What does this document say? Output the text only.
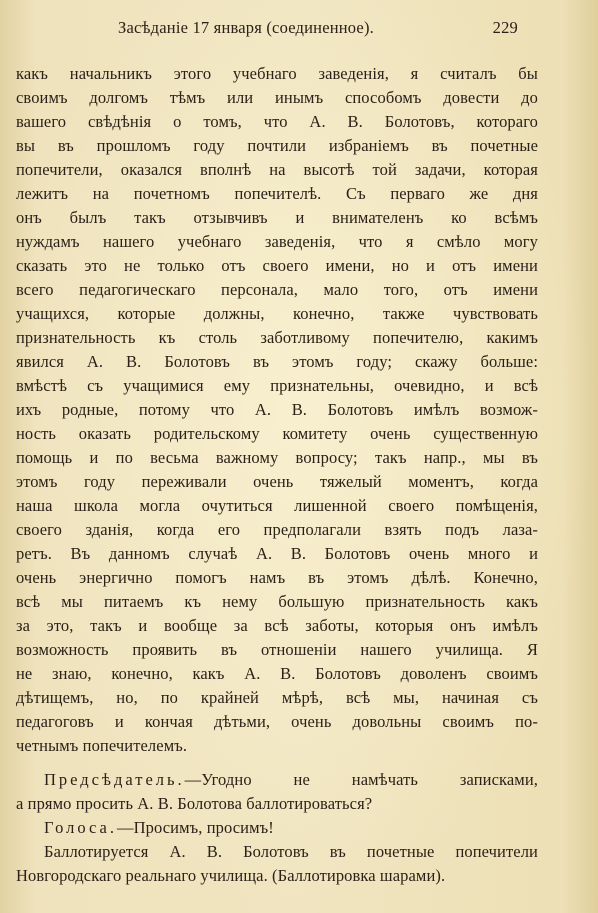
Засѣданіе 17 января (соединенное).	229
какъ начальникъ этого учебнаго заведенія, я считалъ бы
своимъ долгомъ тѣмъ или инымъ способомъ довести до
вашего свѣдѣнія о томъ, что А. В. Болотовъ, котораго
вы въ прошломъ году почтили избраніемъ въ почетные
попечители, оказался вполнѣ на высотѣ той задачи, которая
лежитъ на почетномъ попечителѣ. Съ перваго же дня
онъ былъ такъ отзывчивъ и внимателенъ ко всѣмъ
нуждамъ нашего учебнаго заведенія, что я смѣло могу
сказать это не только отъ своего имени, но и отъ имени
всего педагогическаго персонала, мало того, отъ имени
учащихся, которые должны, конечно, также чувствовать
признательность къ столь заботливому попечителю, какимъ
явился А. В. Болотовъ въ этомъ году; скажу больше:
вмѣстѣ съ учащимися ему признательны, очевидно, и всѣ
ихъ родные, потому что А. В. Болотовъ имѣлъ возмож-
ность оказать родительскому комитету очень существенную
помощь и по весьма важному вопросу; такъ напр., мы въ
этомъ году переживали очень тяжелый моментъ, когда
наша школа могла очутиться лишенной своего помѣщенія,
своего зданія, когда его предполагали взять подъ лаза-
ретъ. Въ данномъ случаѣ А. В. Болотовъ очень много и
очень энергично помогъ намъ въ этомъ дѣлѣ. Конечно,
всѣ мы питаемъ къ нему большую признательность какъ
за это, такъ и вообще за всѣ заботы, которыя онъ имѣлъ
возможность проявить въ отношеніи нашего училища. Я
не знаю, конечно, какъ А. В. Болотовъ доволенъ своимъ
дѣтищемъ, но, по крайней мѣрѣ, всѣ мы, начиная съ
педагоговъ и кончая дѣтьми, очень довольны своимъ по-
четнымъ попечителемъ.
Предсѣдатель.—Угодно не намѣчать записками,
а прямо просить А. В. Болотова баллотироваться?
Голоса.—Просимъ, просимъ!
Баллотируется А. В. Болотовъ въ почетные попечители
Новгородскаго реальнаго училища. (Баллотировка шарами).
